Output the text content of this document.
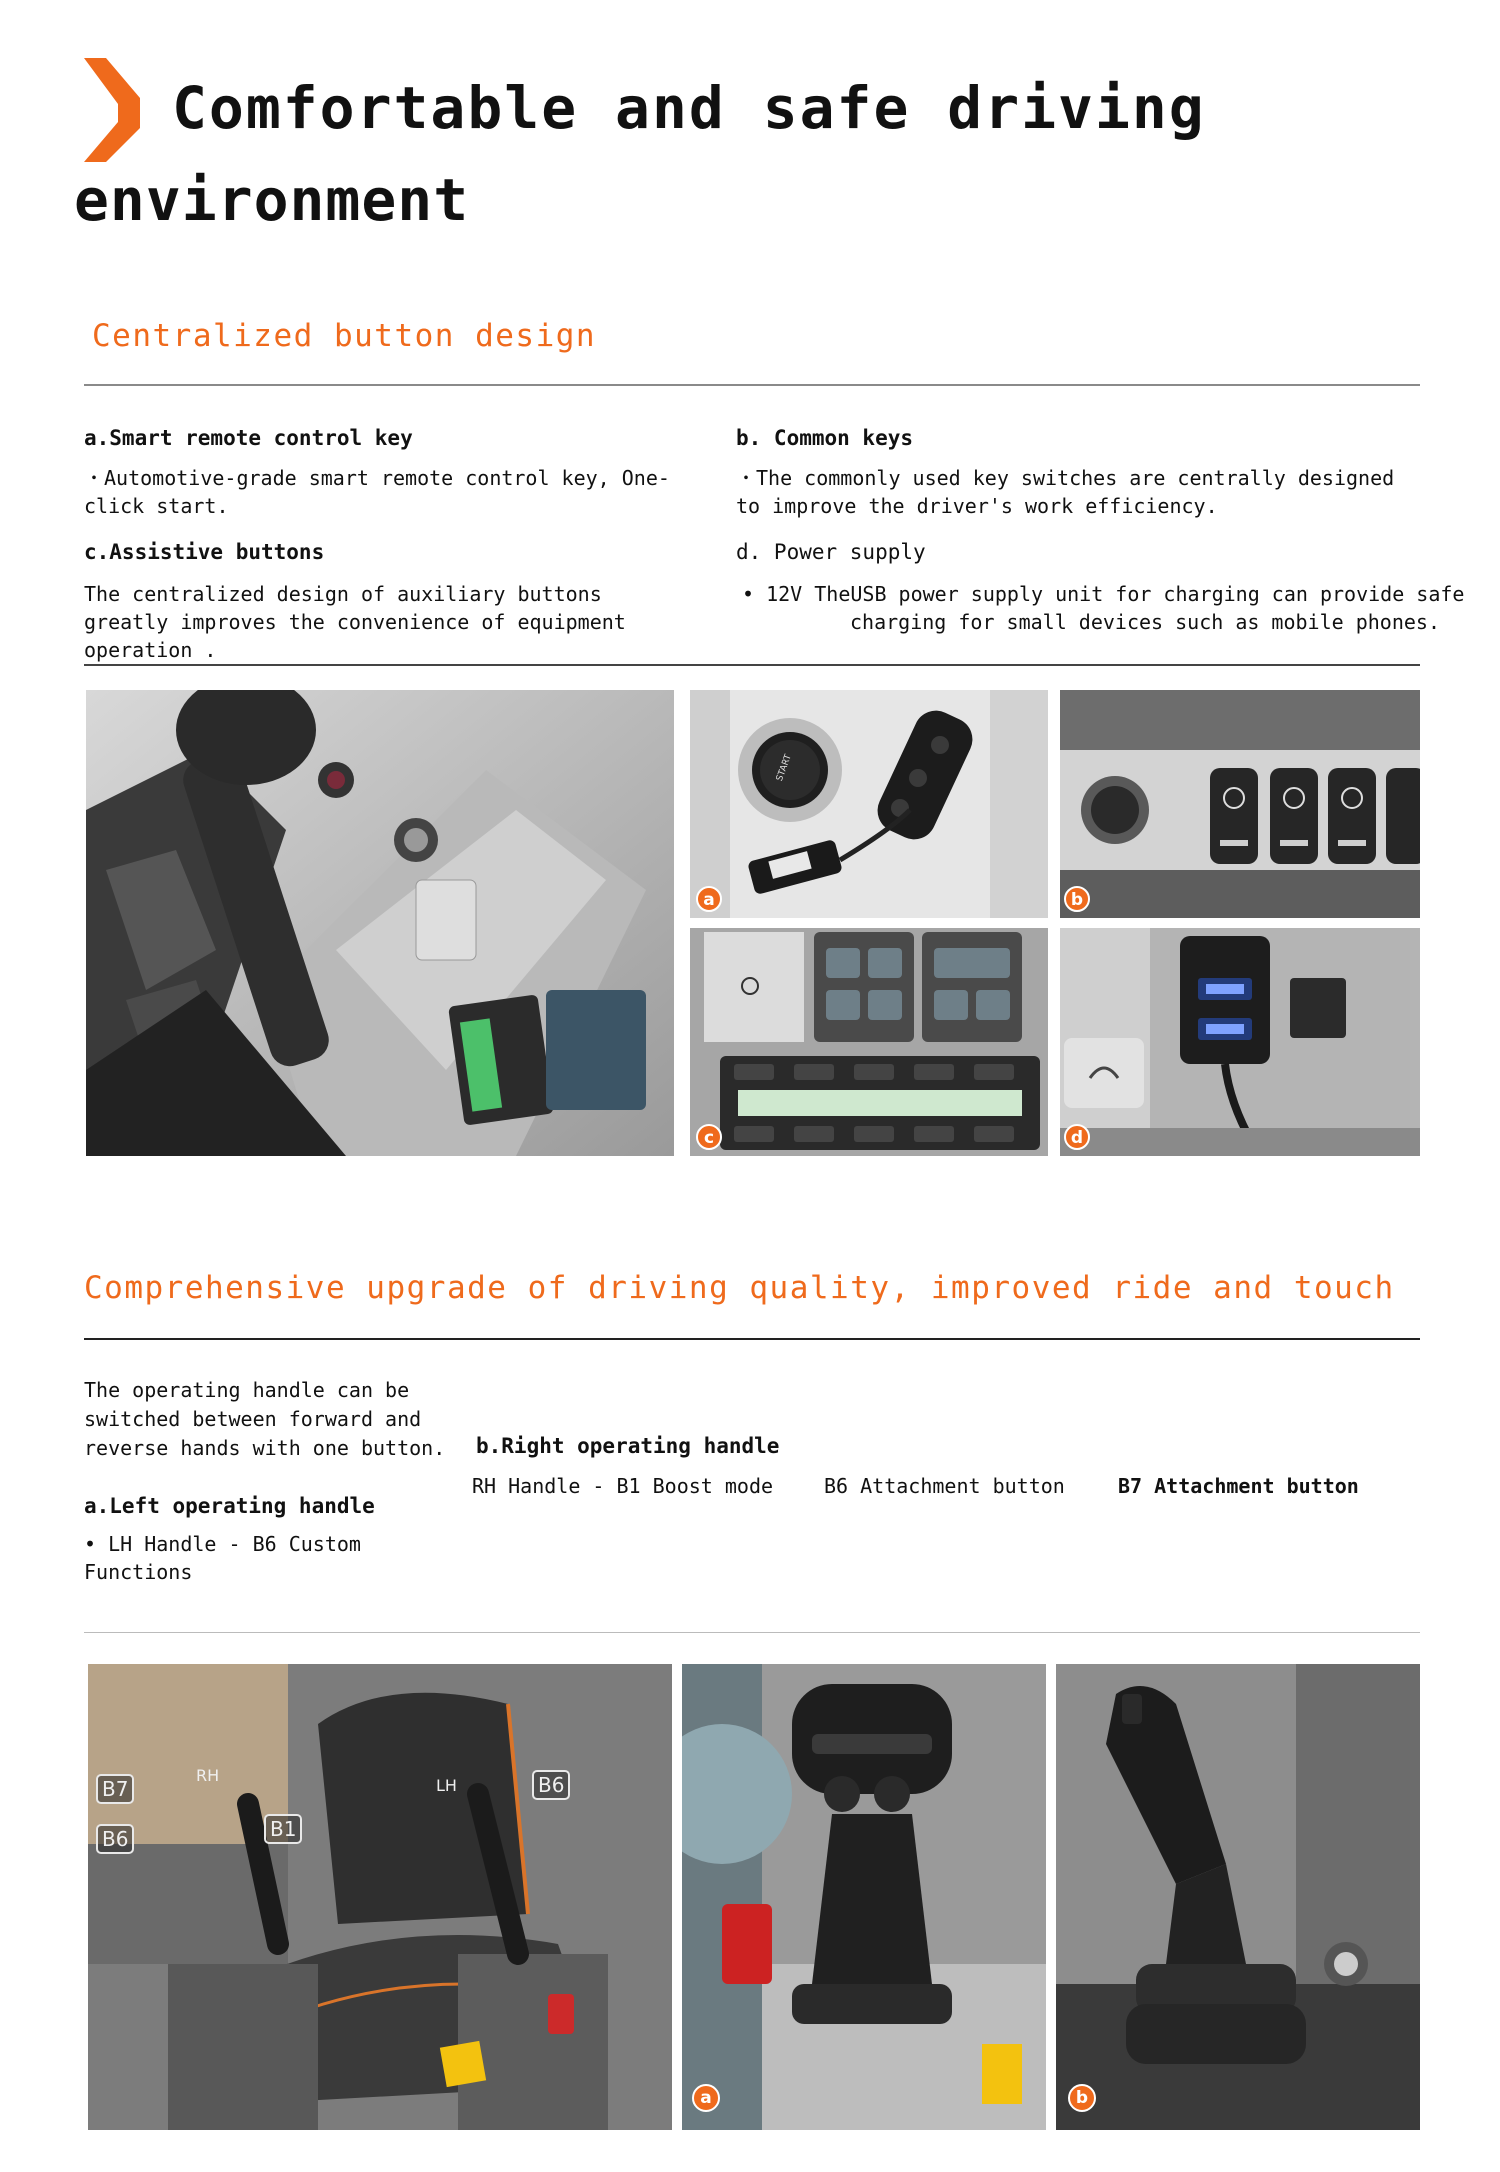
Comfortable and safe driving
environment
Centralized button design
a.Smart remote control key
・Automotive-grade smart remote control key, One-click start.
b. Common keys
・The commonly used key switches are centrally designed to improve the driver's work efficiency.
c.Assistive buttons
The centralized design of auxiliary buttons greatly improves the convenience of equipment operation .
d. Power supply
• 12V TheUSB power supply unit for charging can provide safe
charging for small devices such as mobile phones.
START
a	b
c	d
Comprehensive upgrade of driving quality, improved ride and touch
The operating handle can be switched between forward and reverse hands with one button.	b.Right operating handle
RH Handle - B1 Boost mode	B6 Attachment button	B7 Attachment button
a.Left operating handle
• LH Handle - B6 Custom Functions
B7
B6	B1
B6
RH
LH
a	b
